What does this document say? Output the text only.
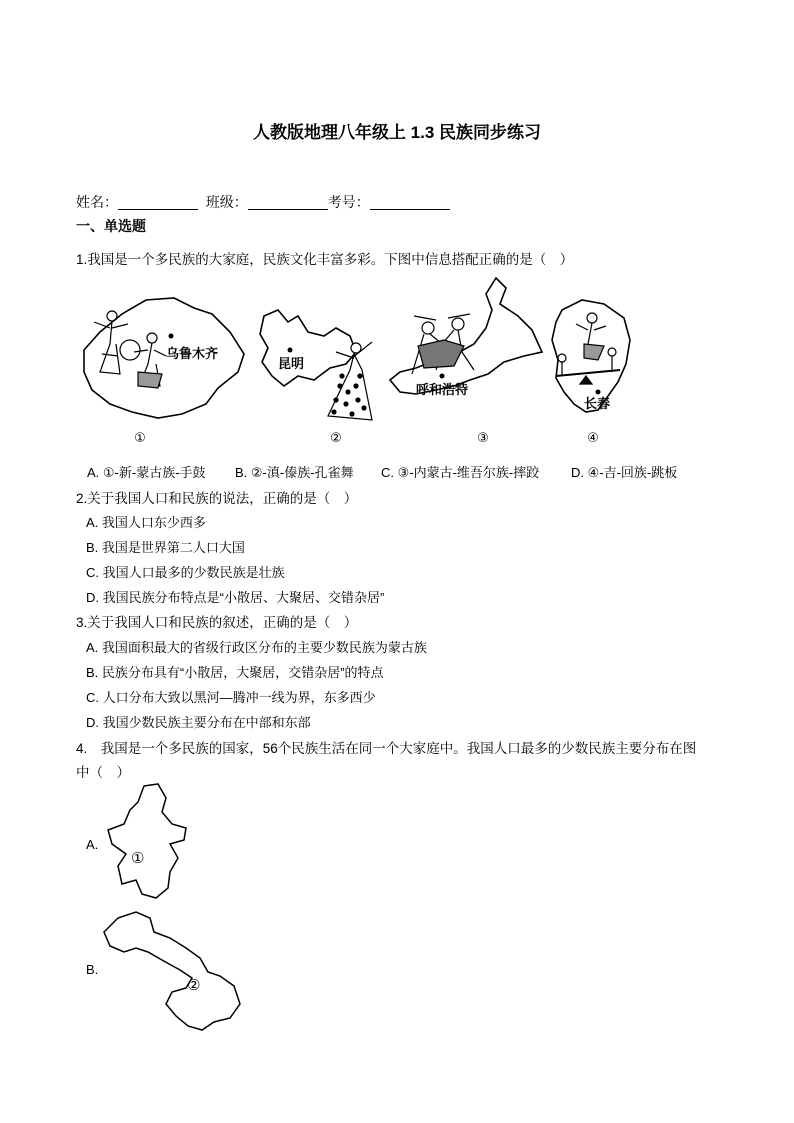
人教版地理八年级上 1.3 民族同步练习
姓名：	班级：	考号：
一、单选题
1.我国是一个多民族的大家庭，民族文化丰富多彩。下图中信息搭配正确的是（　）
乌鲁木齐
昆明
呼和浩特
长春
①	②	③	④
A. ①-新-蒙古族-手鼓 B. ②-滇-傣族-孔雀舞 C. ③-内蒙古-维吾尔族-摔跤 D. ④-吉-回族-跳板
2.关于我国人口和民族的说法，正确的是（　）
A. 我国人口东少西多
B. 我国是世界第二人口大国
C. 我国人口最多的少数民族是壮族
D. 我国民族分布特点是“小散居、大聚居、交错杂居”
3.关于我国人口和民族的叙述，正确的是（　）
A. 我国面积最大的省级行政区分布的主要少数民族为蒙古族
B. 民族分布具有“小散居，大聚居，交错杂居”的特点
C. 人口分布大致以黑河—腾冲一线为界，东多西少
D. 我国少数民族主要分布在中部和东部
4.　我国是一个多民族的国家，56个民族生活在同一个大家庭中。我国人口最多的少数民族主要分布在图
中（　）
A.
①
B.
②
